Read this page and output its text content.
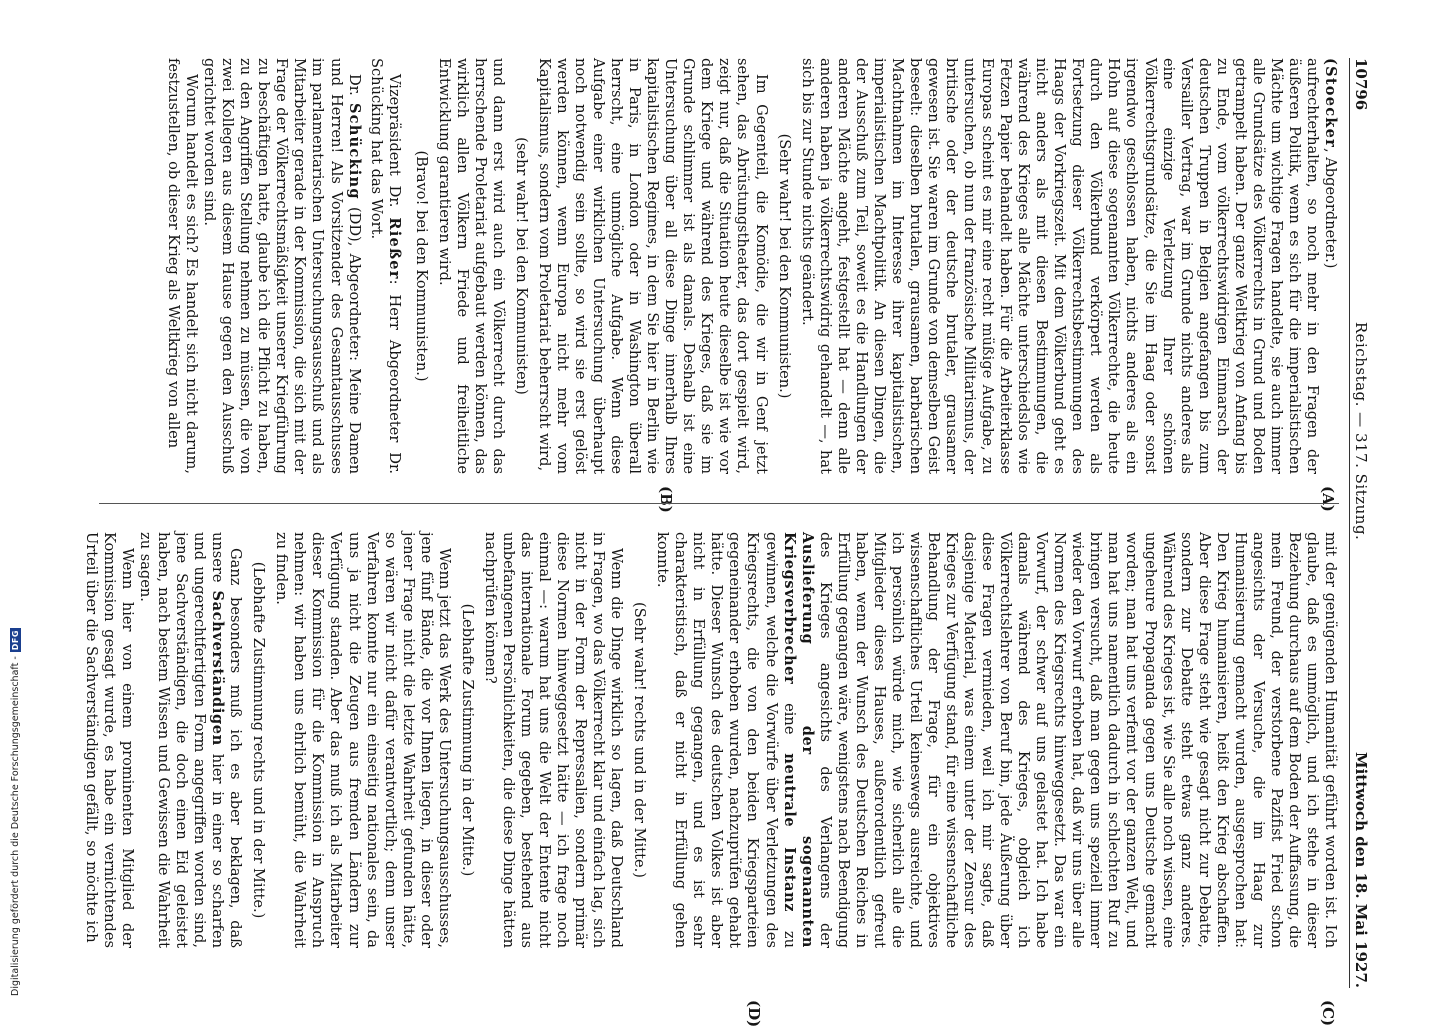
Digitalisierung gefördert durch die Deutsche Forschungsgemeinschaft -
DFG
10796
Reichstag. — 317. Sitzung.
Mittwoch den 18. Mai 1927.
(A)
(B)
(C)
(D)

(Stoecker, Abgeordneter.)

aufrechterhalten, so noch mehr in den Fragen der äußeren Politik, wenn es sich für die imperialistischen Mächte um wichtige Fragen handelte, sie auch immer alle Grundsätze des Völkerrechts in Grund und Boden getrampelt haben. Der ganze Weltkrieg von Anfang bis zu Ende, vom völkerrechtswidrigen Einmarsch der deutschen Truppen in Belgien angefangen bis zum Versailler Vertrag, war im Grunde nichts anderes als eine einzige Verletzung Ihrer schönen Völkerrechtsgrundsätze, die Sie im Haag oder sonst irgendwo geschlossen haben, nichts anderes als ein Hohn auf diese sogenannten Völkerrechte, die heute durch den Völkerbund verkörpert werden als Fortsetzung dieser Völkerrechtsbestimmungen des Haags der Vorkriegszeit. Mit dem Völkerbund geht es nicht anders als mit diesen Bestimmungen, die während des Krieges alle Mächte unterschiedslos wie Fetzen Papier behandelt haben. Für die Arbeiterklasse Europas scheint es mir eine recht müßige Aufgabe, zu untersuchen, ob nun der französische Militarismus, der britische oder der deutsche brutaler, grausamer gewesen ist. Sie waren im Grunde von demselben Geist beseelt: dieselben brutalen, grausamen, barbarischen Machtnahmen im Interesse ihrer kapitalistischen, imperialistischen Machtpolitik. An diesen Dingen, die der Ausschuß zum Teil, soweit es die Handlungen der anderen Mächte angeht, festgestellt hat — denn alle anderen haben ja völkerrechtswidrig gehandelt —, hat sich bis zur Stunde nichts geändert.

(Sehr wahr! bei den Kommunisten.)

Im Gegenteil, die Komödie, die wir in Genf jetzt sehen, das Abrüstungstheater, das dort gespielt wird, zeigt nur, daß die Situation heute dieselbe ist wie vor dem Kriege und während des Krieges, daß sie im Grunde schlimmer ist als damals. Deshalb ist eine Untersuchung über all diese Dinge innerhalb Ihres kapitalistischen Regimes, in dem Sie hier in Berlin wie in Paris, in London oder in Washington überall herrscht, eine unmögliche Aufgabe. Wenn diese Aufgabe einer wirklichen Untersuchung überhaupt noch notwendig sein sollte, so wird sie erst gelöst werden können, wenn Europa nicht mehr vom Kapitalismus, sondern vom Proletariat beherrscht wird,

(sehr wahr! bei den Kommunisten)

und dann erst wird auch ein Völkerrecht durch das herrschende Proletariat aufgebaut werden können, das wirklich allen Völkern Friede und freiheitliche Entwicklung garantieren wird.

(Bravo! bei den Kommunisten.)

Vizepräsident Dr. Rießer: Herr Abgeordneter Dr. Schücking hat das Wort.

Dr. Schücking (DD), Abgeordneter: Meine Damen und Herren! Als Vorsitzender des Gesamtausschusses im parlamentarischen Untersuchungsausschuß und als Mitarbeiter gerade in der Kommission, die sich mit der Frage der Völkerrechtsmäßigkeit unserer Kriegführung zu beschäftigen hatte, glaube ich die Pflicht zu haben, zu den Angriffen Stellung nehmen zu müssen, die von zwei Kollegen aus diesem Hause gegen den Ausschuß gerichtet worden sind.

Worum handelt es sich? Es handelt sich nicht darum, festzustellen, ob dieser Krieg als Weltkrieg von allen

mit der genügenden Humanität geführt worden ist. Ich glaube, daß es unmöglich, und ich stehe in dieser Beziehung durchaus auf dem Boden der Auffassung, die mein Freund, der verstorbene Pazifist Fried schon angesichts der Versuche, die im Haag zur Humanisierung gemacht wurden, ausgesprochen hat: Den Krieg humanisieren, heißt den Krieg abschaffen. Aber diese Frage steht wie gesagt nicht zur Debatte, sondern zur Debatte steht etwas ganz anderes. Während des Krieges ist, wie Sie alle noch wissen, eine ungeheure Propaganda gegen uns Deutsche gemacht worden; man hat uns verfemt vor der ganzen Welt, und man hat uns namentlich dadurch in schlechten Ruf zu bringen versucht, daß man gegen uns speziell immer wieder den Vorwurf erhoben hat, daß wir uns über alle Normen des Kriegsrechts hinweggesetzt. Das war ein Vorwurf, der schwer auf uns gelastet hat. Ich habe damals während des Krieges, obgleich ich Völkerrechtslehrer von Beruf bin, jede Äußerung über diese Fragen vermieden, weil ich mir sagte, daß dasjenige Material, was einem unter der Zensur des Krieges zur Verfügung stand, für eine wissenschaftliche Behandlung der Frage, für ein objektives wissenschaftliches Urteil keineswegs ausreichte, und ich persönlich würde mich, wie sicherlich alle die Mitglieder dieses Hauses, außerordentlich gefreut haben, wenn der Wunsch des Deutschen Reiches in Erfüllung gegangen wäre, wenigstens nach Beendigung des Krieges angesichts des Verlangens der Auslieferung der sogenannten Kriegsverbrecher eine neutrale Instanz zu gewinnen, welche die Vorwürfe über Verletzungen des Kriegsrechts, die von den beiden Kriegsparteien gegeneinander erhoben wurden, nachzuprüfen gehabt hätte. Dieser Wunsch des deutschen Volkes ist aber nicht in Erfüllung gegangen, und es ist sehr charakteristisch, daß er nicht in Erfüllung gehen konnte.

(Sehr wahr! rechts und in der Mitte.)

Wenn die Dinge wirklich so lagen, daß Deutschland in Fragen, wo das Völkerrecht klar und einfach lag, sich nicht in der Form der Repressalien, sondern primär diese Normen hinweggesetzt hätte — ich frage noch einmal —: warum hat uns die Welt der Entente nicht das internationale Forum gegeben, bestehend aus unbefangenen Persönlichkeiten, die diese Dinge hätten nachprüfen können?

(Lebhafte Zustimmung in der Mitte.)

Wenn jetzt das Werk des Untersuchungsausschusses, jene fünf Bände, die vor Ihnen liegen, in dieser oder jener Frage nicht die letzte Wahrheit gefunden hätte, so wären wir nicht dafür verantwortlich; denn unser Verfahren konnte nur ein einseitig nationales sein, da uns ja nicht die Zeugen aus fremden Ländern zur Verfügung standen. Aber das muß ich als Mitarbeiter dieser Kommission für die Kommission in Anspruch nehmen: wir haben uns ehrlich bemüht, die Wahrheit zu finden.

(Lebhafte Zustimmung rechts und in der Mitte.)

Ganz besonders muß ich es aber beklagen, daß unsere Sachverständigen hier in einer so scharfen und ungerechtfertigten Form angegriffen worden sind, jene Sachverständigen, die doch einen Eid geleistet haben, nach bestem Wissen und Gewissen die Wahrheit zu sagen.

Wenn hier von einem prominenten Mitglied der Kommission gesagt wurde, es habe ein vernichtendes Urteil über die Sachverständigen gefällt, so möchte ich
